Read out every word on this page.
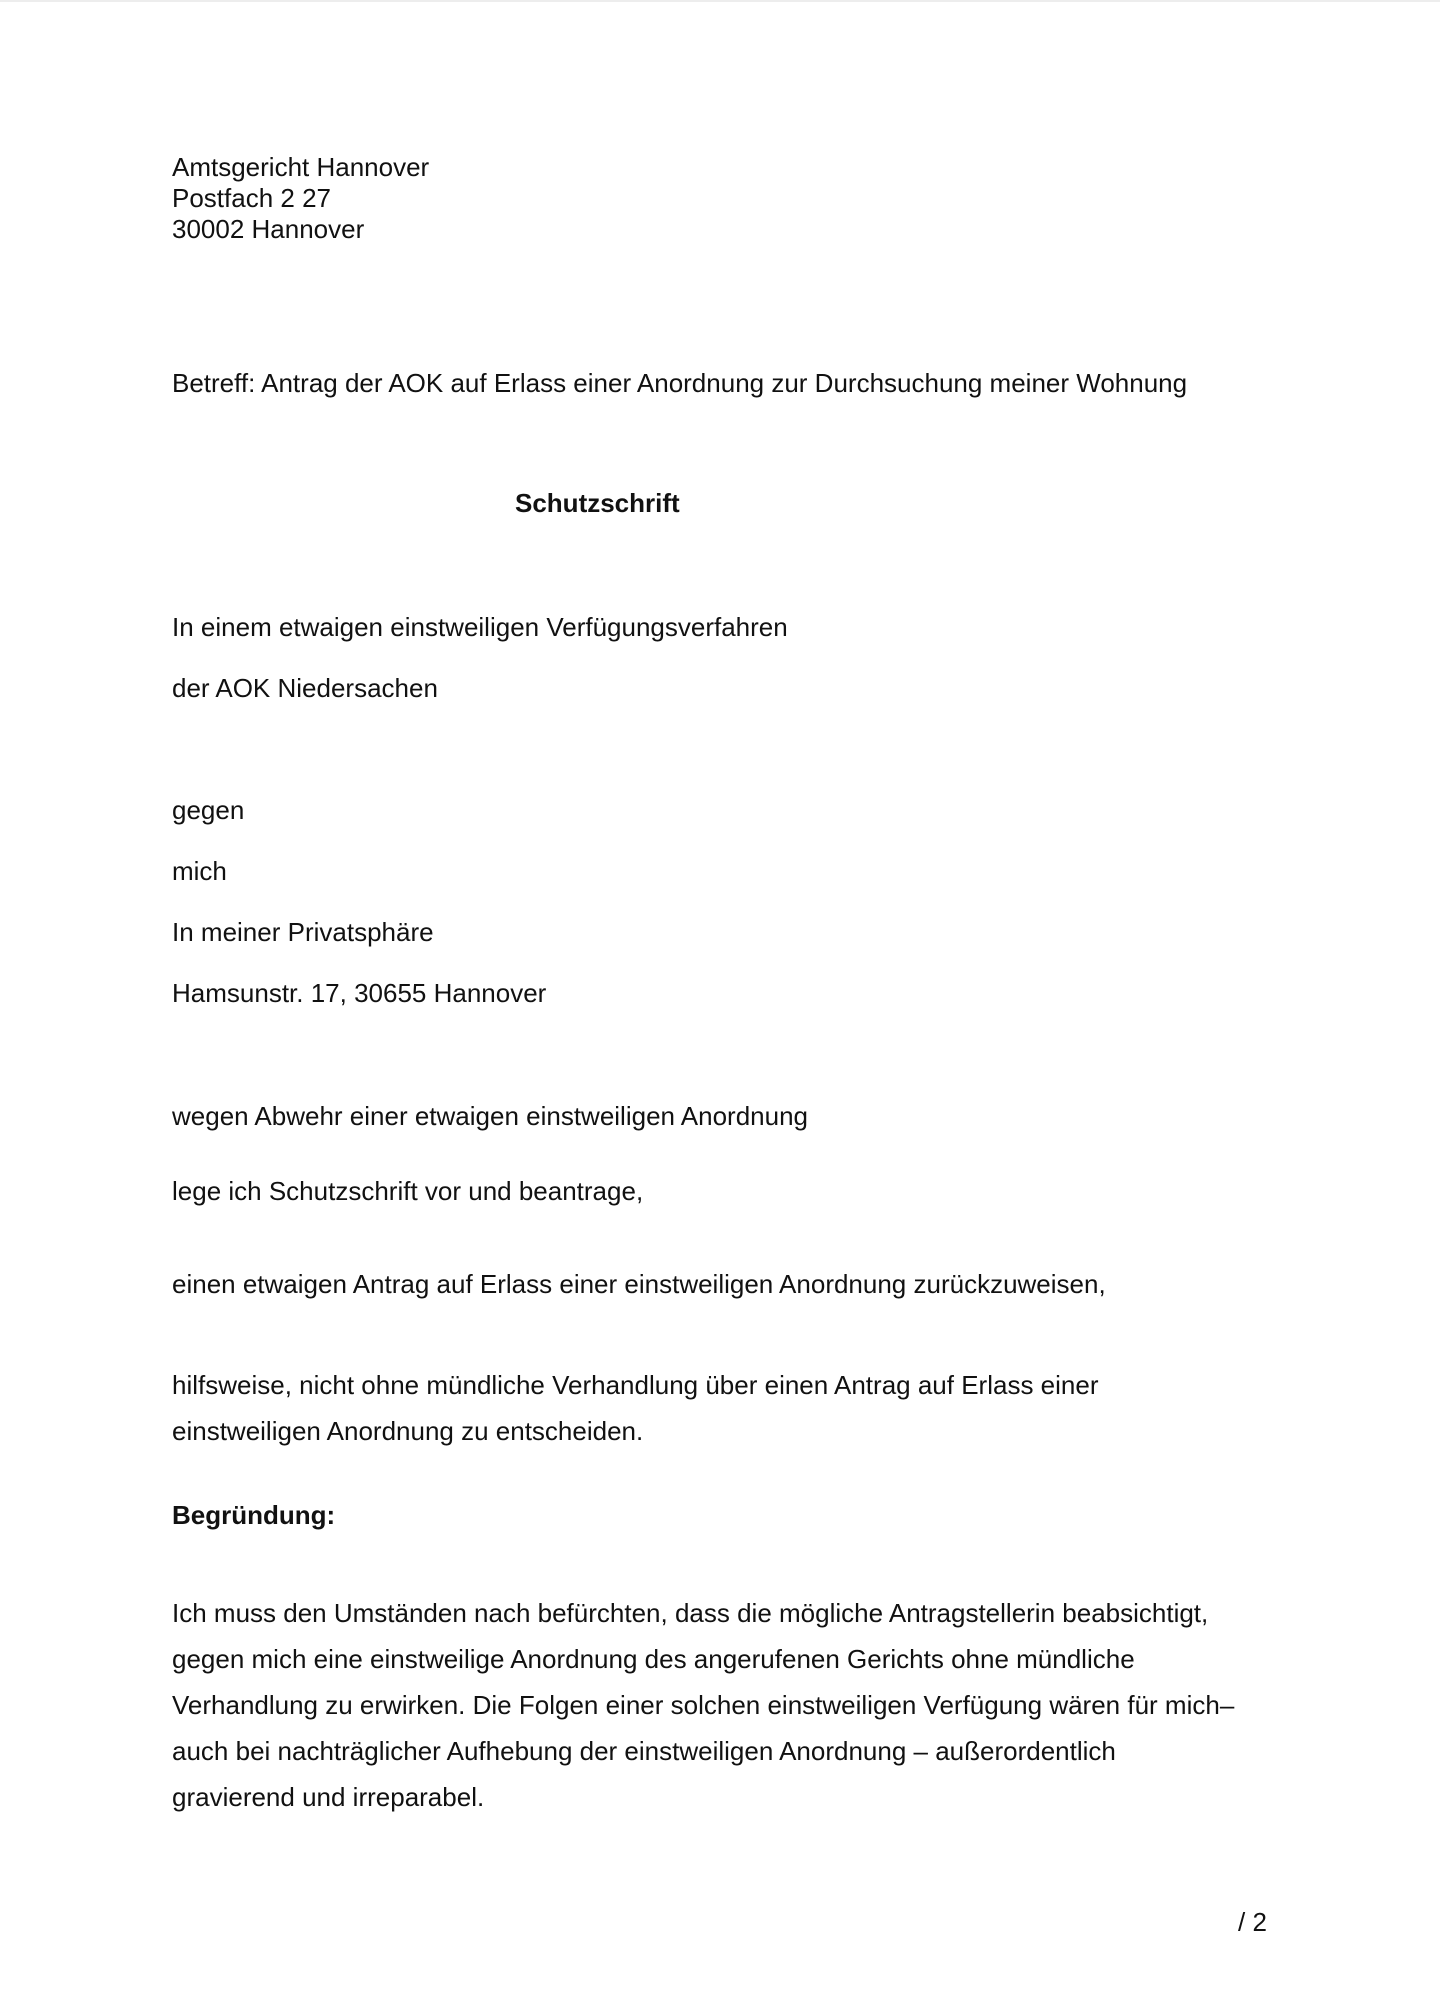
Amtsgericht Hannover
Postfach 2 27
30002 Hannover
Betreff: Antrag der AOK auf Erlass einer Anordnung zur Durchsuchung meiner Wohnung
Schutzschrift
In einem etwaigen einstweiligen Verfügungsverfahren
der AOK Niedersachen
gegen
mich
In meiner Privatsphäre
Hamsunstr. 17, 30655 Hannover
wegen Abwehr einer etwaigen einstweiligen Anordnung
lege ich Schutzschrift vor und beantrage,
einen etwaigen Antrag auf Erlass einer einstweiligen Anordnung zurückzuweisen,
hilfsweise, nicht ohne mündliche Verhandlung über einen Antrag auf Erlass einer
einstweiligen Anordnung zu entscheiden.
Begründung:
Ich muss den Umständen nach befürchten, dass die mögliche Antragstellerin beabsichtigt,
gegen mich eine einstweilige Anordnung des angerufenen Gerichts ohne mündliche
Verhandlung zu erwirken. Die Folgen einer solchen einstweiligen Verfügung wären für mich–
auch bei nachträglicher Aufhebung der einstweiligen Anordnung – außerordentlich
gravierend und irreparabel.
/ 2
